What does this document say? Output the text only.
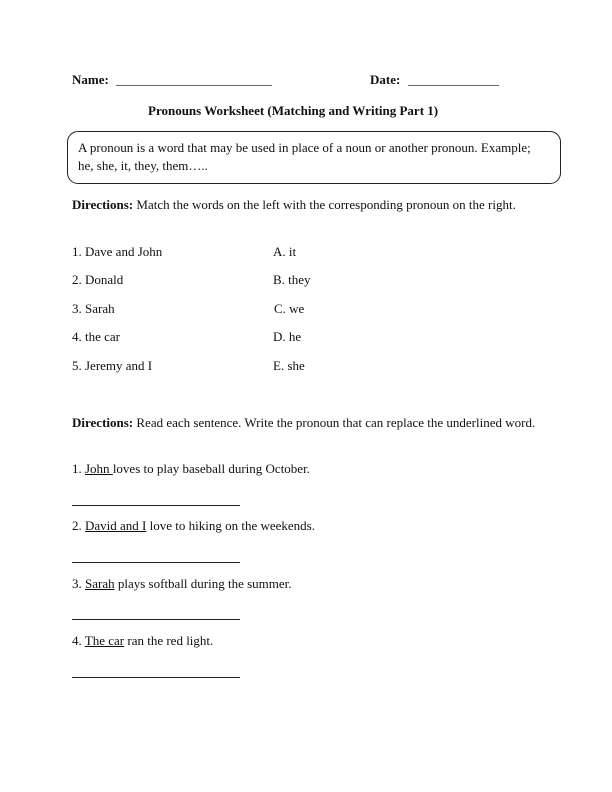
Name: ________________________	Date: ______________
Pronouns Worksheet (Matching and Writing Part 1)
A pronoun is a word that may be used in place of a noun or another pronoun. Example; he, she, it, they, them…..
Directions: Match the words on the left with the corresponding pronoun on the right.
1. Dave and John
2. Donald
3. Sarah
4. the car
5. Jeremy and I
A. it
B. they
C. we
D. he
E. she
Directions: Read each sentence. Write the pronoun that can replace the underlined word.
1. John loves to play baseball during October.
2. David and I love to hiking on the weekends.
3. Sarah plays softball during the summer.
4. The car ran the red light.
